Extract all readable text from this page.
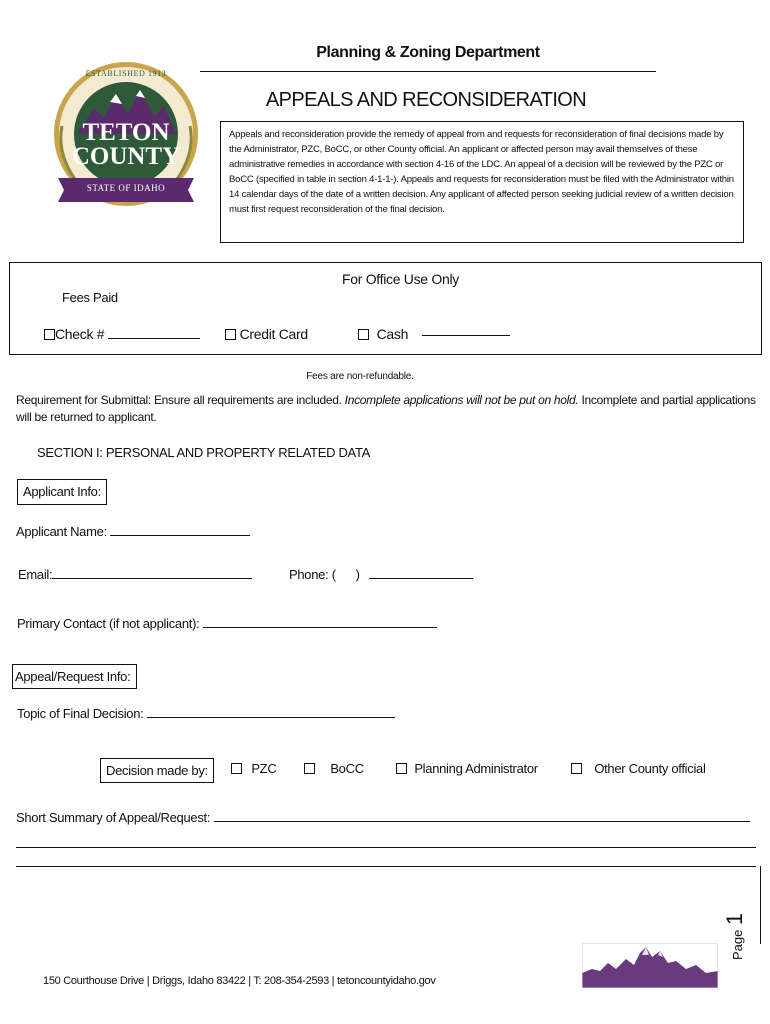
Planning & Zoning Department
ESTABLISHED 1913
TETON
COUNTY
STATE OF IDAHO
APPEALS AND RECONSIDERATION
Appeals and reconsideration provide the remedy of appeal from and requests for reconsideration of final decisions made by the Administrator, PZC, BoCC, or other County official. An applicant or affected person may avail themselves of these administrative remedies in accordance with section 4-16 of the LDC. An appeal of a decision will be reviewed by the PZC or BoCC (specified in table in section 4-1-1-). Appeals and requests for reconsideration must be filed with the Administrator within 14 calendar days of the date of a written decision. Any applicant of affected person seeking judicial review of a written decision must first request reconsideration of the final decision.
For Office Use Only
Fees Paid
Check #	Credit Card	Cash
Fees are non-refundable.
Requirement for Submittal: Ensure all requirements are included. Incomplete applications will not be put on hold. Incomplete and partial applications will be returned to applicant.
SECTION I: PERSONAL AND PROPERTY RELATED DATA
Applicant Info:
Applicant Name:
Email:	Phone: (      )
Primary Contact (if not applicant):
Appeal/Request Info:
Topic of Final Decision:
Decision made by:	PZC	BoCC	Planning Administrator	Other County official
Short Summary of Appeal/Request:
Page 1
150 Courthouse Drive | Driggs, Idaho 83422 | T: 208-354-2593 | tetoncountyidaho.gov
